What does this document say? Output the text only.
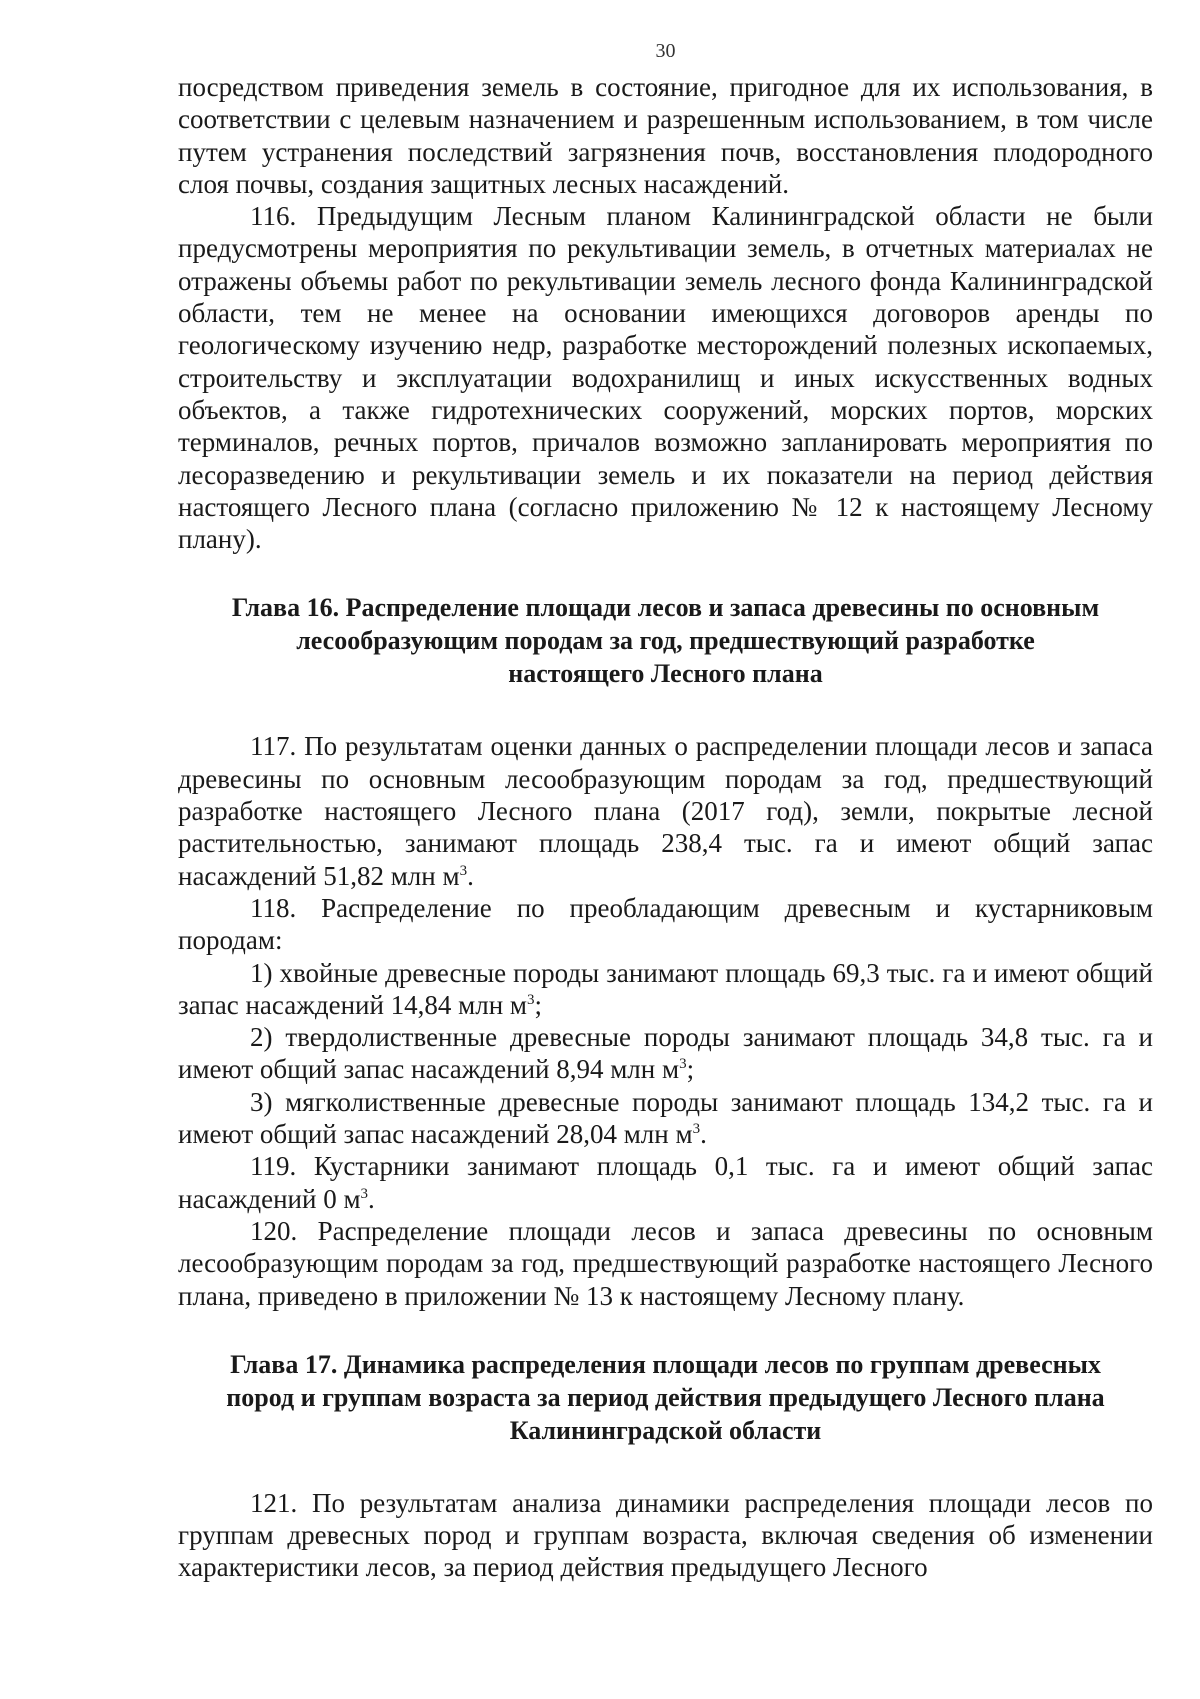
30

посредством приведения земель в состояние, пригодное для их использования, в соответствии с целевым назначением и разрешенным использованием, в том числе путем устранения последствий загрязнения почв, восстановления плодородного слоя почвы, создания защитных лесных насаждений.

116. Предыдущим Лесным планом Калининградской области не были предусмотрены мероприятия по рекультивации земель, в отчетных материалах не отражены объемы работ по рекультивации земель лесного фонда Калининградской области, тем не менее на основании имеющихся договоров аренды по геологическому изучению недр, разработке месторождений полезных ископаемых, строительству и эксплуатации водохранилищ и иных искусственных водных объектов, а также гидротехнических сооружений, морских портов, морских терминалов, речных портов, причалов возможно запланировать мероприятия по лесоразведению и рекультивации земель и их показатели на период действия настоящего Лесного плана (согласно приложению № 12 к настоящему Лесному плану).

Глава 16. Распределение площади лесов и запаса древесины по основным
лесообразующим породам за год, предшествующий разработке
настоящего Лесного плана

117. По результатам оценки данных о распределении площади лесов и запаса древесины по основным лесообразующим породам за год, предшествующий разработке настоящего Лесного плана (2017 год), земли, покрытые лесной растительностью, занимают площадь 238,4 тыс. га и имеют общий запас насаждений 51,82 млн $м^3$.

118. Распределение по преобладающим древесным и кустарниковым породам:

1) хвойные древесные породы занимают площадь 69,3 тыс. га и имеют общий запас насаждений 14,84 млн $м^3$;

2) твердолиственные древесные породы занимают площадь 34,8 тыс. га и имеют общий запас насаждений 8,94 млн $м^3$;

3) мягколиственные древесные породы занимают площадь 134,2 тыс. га и имеют общий запас насаждений 28,04 млн $м^3$.

119. Кустарники занимают площадь 0,1 тыс. га и имеют общий запас насаждений 0 $м^3$.

120. Распределение площади лесов и запаса древесины по основным лесообразующим породам за год, предшествующий разработке настоящего Лесного плана, приведено в приложении № 13 к настоящему Лесному плану.

Глава 17. Динамика распределения площади лесов по группам древесных
пород и группам возраста за период действия предыдущего Лесного плана
Калининградской области

121. По результатам анализа динамики распределения площади лесов по группам древесных пород и группам возраста, включая сведения об изменении характеристики лесов, за период действия предыдущего Лесного
